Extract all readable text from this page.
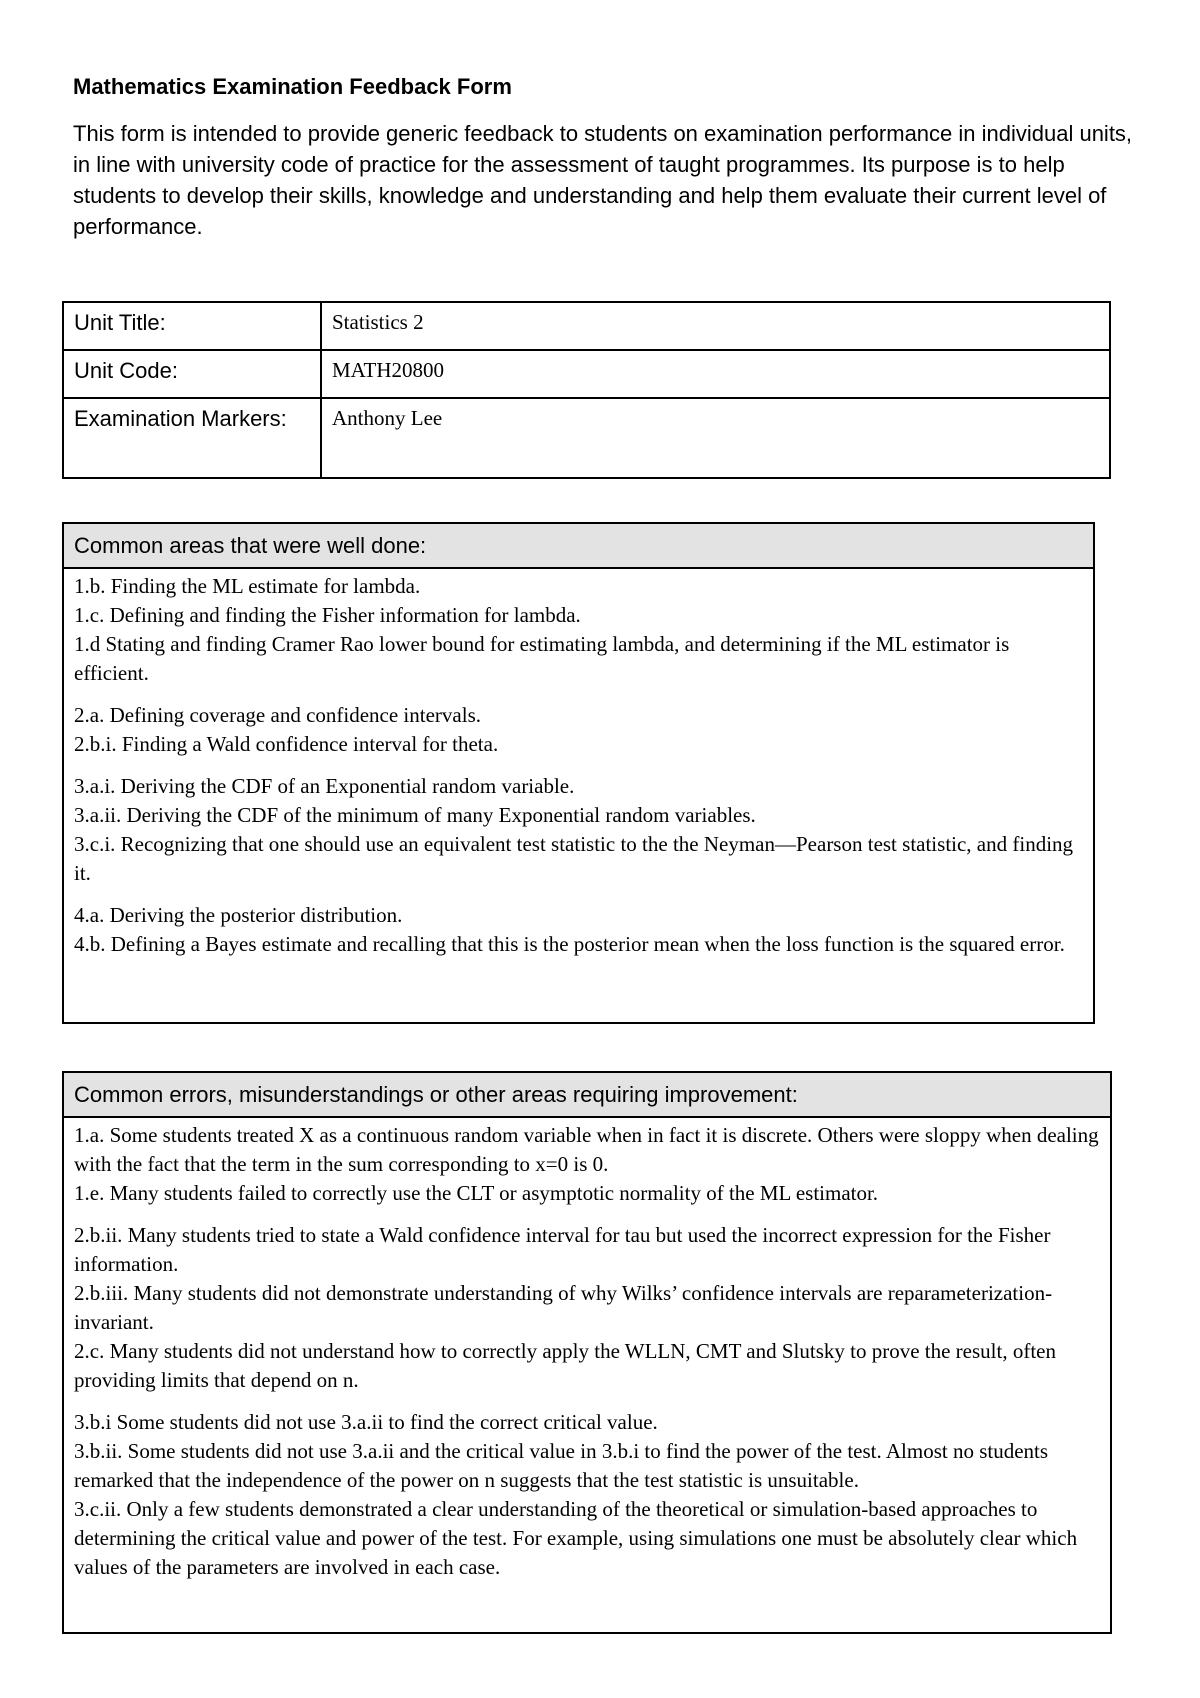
Mathematics Examination Feedback Form

This form is intended to provide generic feedback to students on examination performance in individual units, in line with university code of practice for the assessment of taught programmes. Its purpose is to help students to develop their skills, knowledge and understanding and help them evaluate their current level of performance.

Unit Title:	Statistics 2
Unit Code:	MATH20800
Examination Markers:	Anthony Lee
Common areas that were well done:

1.b. Finding the ML estimate for lambda.

1.c. Defining and finding the Fisher information for lambda.

1.d Stating and finding Cramer Rao lower bound for estimating lambda, and determining if the ML estimator is efficient.

2.a. Defining coverage and confidence intervals.

2.b.i. Finding a Wald confidence interval for theta.

3.a.i. Deriving the CDF of an Exponential random variable.

3.a.ii. Deriving the CDF of the minimum of many Exponential random variables.

3.c.i. Recognizing that one should use an equivalent test statistic to the the Neyman—Pearson test statistic, and finding it.

4.a. Deriving the posterior distribution.

4.b. Defining a Bayes estimate and recalling that this is the posterior mean when the loss function is the squared error.

Common errors, misunderstandings or other areas requiring improvement:

1.a. Some students treated X as a continuous random variable when in fact it is discrete. Others were sloppy when dealing with the fact that the term in the sum corresponding to x=0 is 0.

1.e. Many students failed to correctly use the CLT or asymptotic normality of the ML estimator.

2.b.ii. Many students tried to state a Wald confidence interval for tau but used the incorrect expression for the Fisher information.

2.b.iii. Many students did not demonstrate understanding of why Wilks’ confidence intervals are reparameterization-invariant.

2.c. Many students did not understand how to correctly apply the WLLN, CMT and Slutsky to prove the result, often providing limits that depend on n.

3.b.i Some students did not use 3.a.ii to find the correct critical value.

3.b.ii. Some students did not use 3.a.ii and the critical value in 3.b.i to find the power of the test. Almost no students remarked that the independence of the power on n suggests that the test statistic is unsuitable.

3.c.ii. Only a few students demonstrated a clear understanding of the theoretical or simulation-based approaches to determining the critical value and power of the test. For example, using simulations one must be absolutely clear which values of the parameters are involved in each case.
